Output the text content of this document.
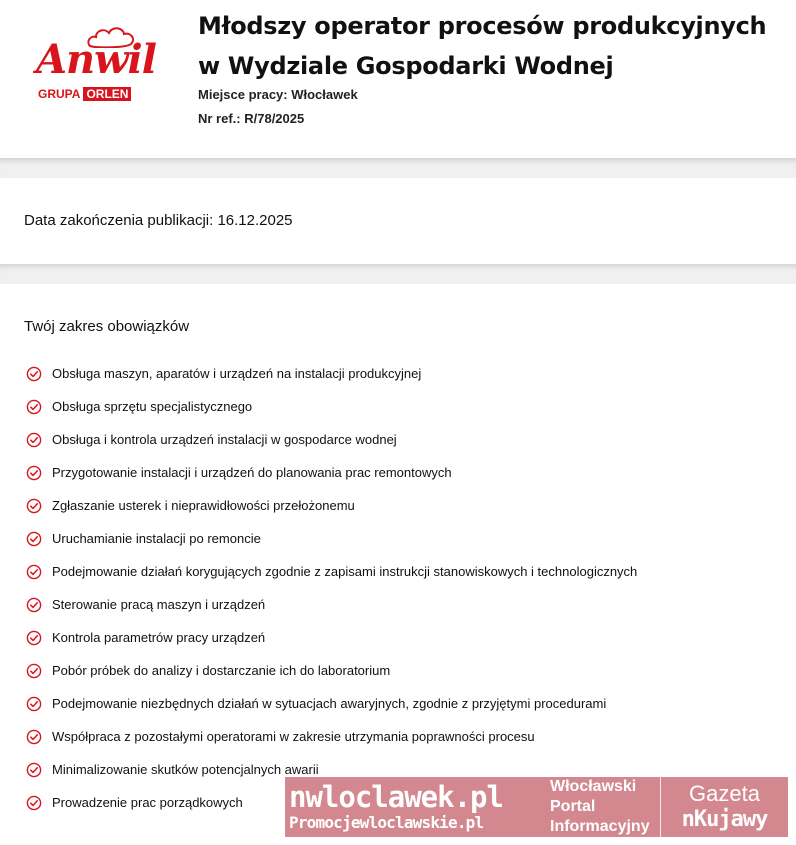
Anwil
GRUPA ORLEN
Młodszy operator procesów produkcyjnych w Wydziale Gospodarki Wodnej
Miejsce pracy: Włocławek
Nr ref.: R/78/2025
Data zakończenia publikacji: 16.12.2025
Twój zakres obowiązków
Obsługa maszyn, aparatów i urządzeń na instalacji produkcyjnej
Obsługa sprzętu specjalistycznego
Obsługa i kontrola urządzeń instalacji w gospodarce wodnej
Przygotowanie instalacji i urządzeń do planowania prac remontowych
Zgłaszanie usterek i nieprawidłowości przełożonemu
Uruchamianie instalacji po remoncie
Podejmowanie działań korygujących zgodnie z zapisami instrukcji stanowiskowych i technologicznych
Sterowanie pracą maszyn i urządzeń
Kontrola parametrów pracy urządzeń
Pobór próbek do analizy i dostarczanie ich do laboratorium
Podejmowanie niezbędnych działań w sytuacjach awaryjnych, zgodnie z przyjętymi procedurami
Współpraca z pozostałymi operatorami w zakresie utrzymania poprawności procesu
Minimalizowanie skutków potencjalnych awarii
Prowadzenie prac porządkowych nwloclawek.pl
Promocjewloclawskie.pl
Włocławski
Portal
Informacyjny
Gazeta
nKujawy
